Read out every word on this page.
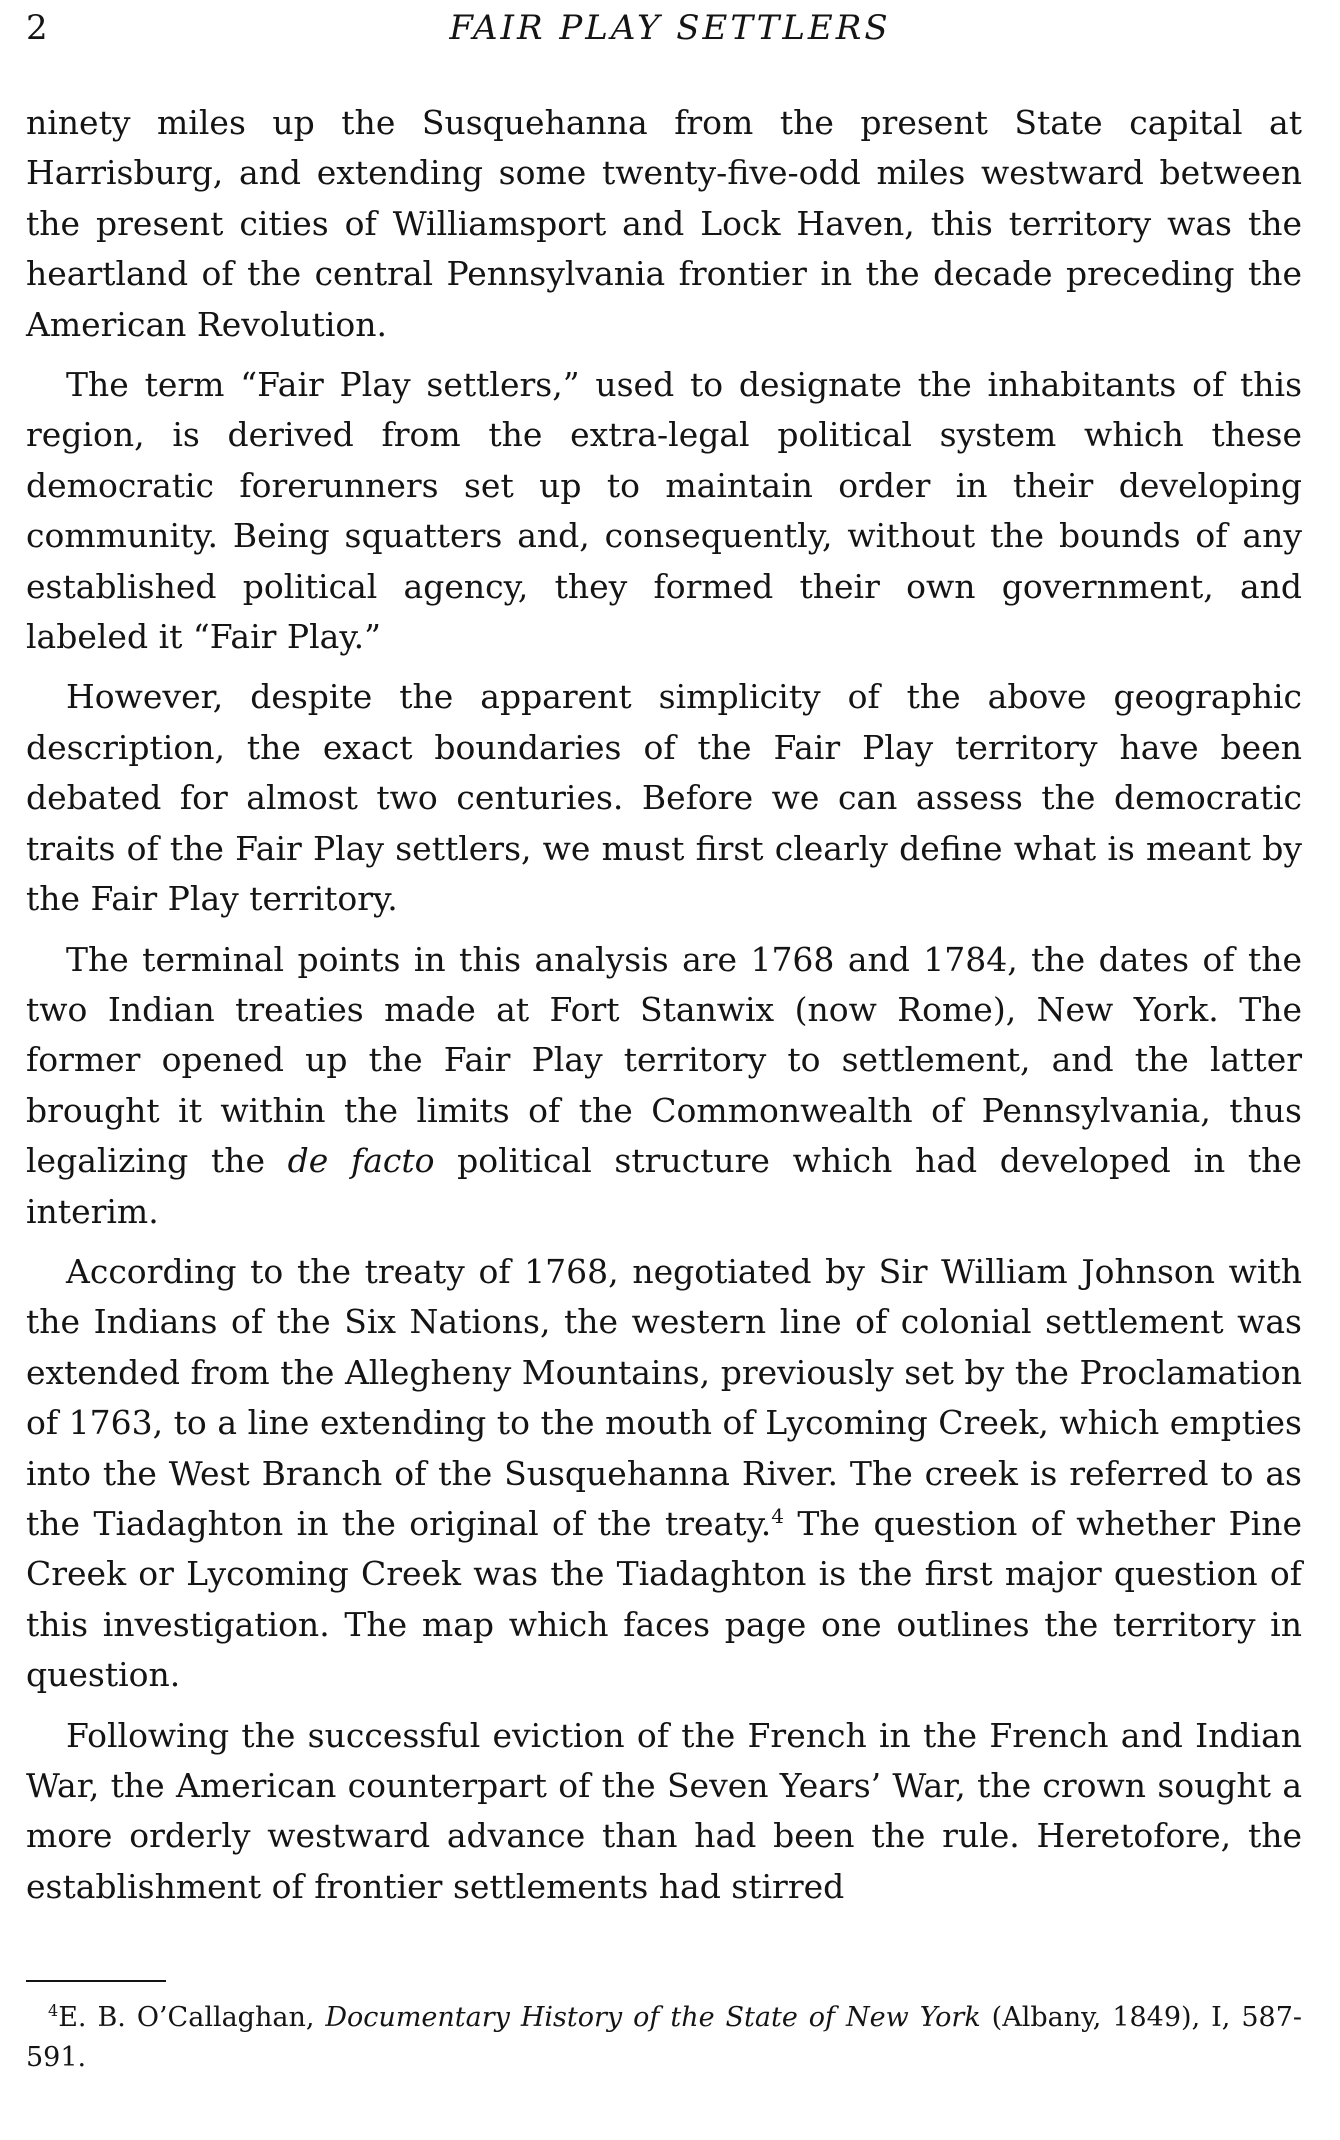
2	FAIR PLAY SETTLERS

ninety miles up the Susquehanna from the present State capital at Harrisburg, and extending some twenty-five-odd miles westward between the present cities of Williamsport and Lock Haven, this territory was the heartland of the central Pennsylvania frontier in the decade preceding the American Revolution.

The term “Fair Play settlers,” used to designate the inhabitants of this region, is derived from the extra-legal political system which these democratic forerunners set up to maintain order in their developing community. Being squatters and, consequently, without the bounds of any established political agency, they formed their own government, and labeled it “Fair Play.”

However, despite the apparent simplicity of the above geographic description, the exact boundaries of the Fair Play territory have been debated for almost two centuries. Before we can assess the democratic traits of the Fair Play settlers, we must first clearly define what is meant by the Fair Play territory.

The terminal points in this analysis are 1768 and 1784, the dates of the two Indian treaties made at Fort Stanwix (now Rome), New York. The former opened up the Fair Play territory to settlement, and the latter brought it within the limits of the Commonwealth of Pennsylvania, thus legalizing the de facto political structure which had developed in the interim.

According to the treaty of 1768, negotiated by Sir William Johnson with the Indians of the Six Nations, the western line of colonial settlement was extended from the Allegheny Mountains, previously set by the Proclamation of 1763, to a line extending to the mouth of Lycoming Creek, which empties into the West Branch of the Susquehanna River. The creek is referred to as the Tiadaghton in the original of the treaty.$^4$ The question of whether Pine Creek or Lycoming Creek was the Tiadaghton is the first major question of this investigation. The map which faces page one outlines the territory in question.

Following the successful eviction of the French in the French and Indian War, the American counterpart of the Seven Years’ War, the crown sought a more orderly westward advance than had been the rule. Heretofore, the establishment of frontier settlements had stirred

$^4$E. B. O’Callaghan, Documentary History of the State of New York (Albany, 1849), I, 587-591.
